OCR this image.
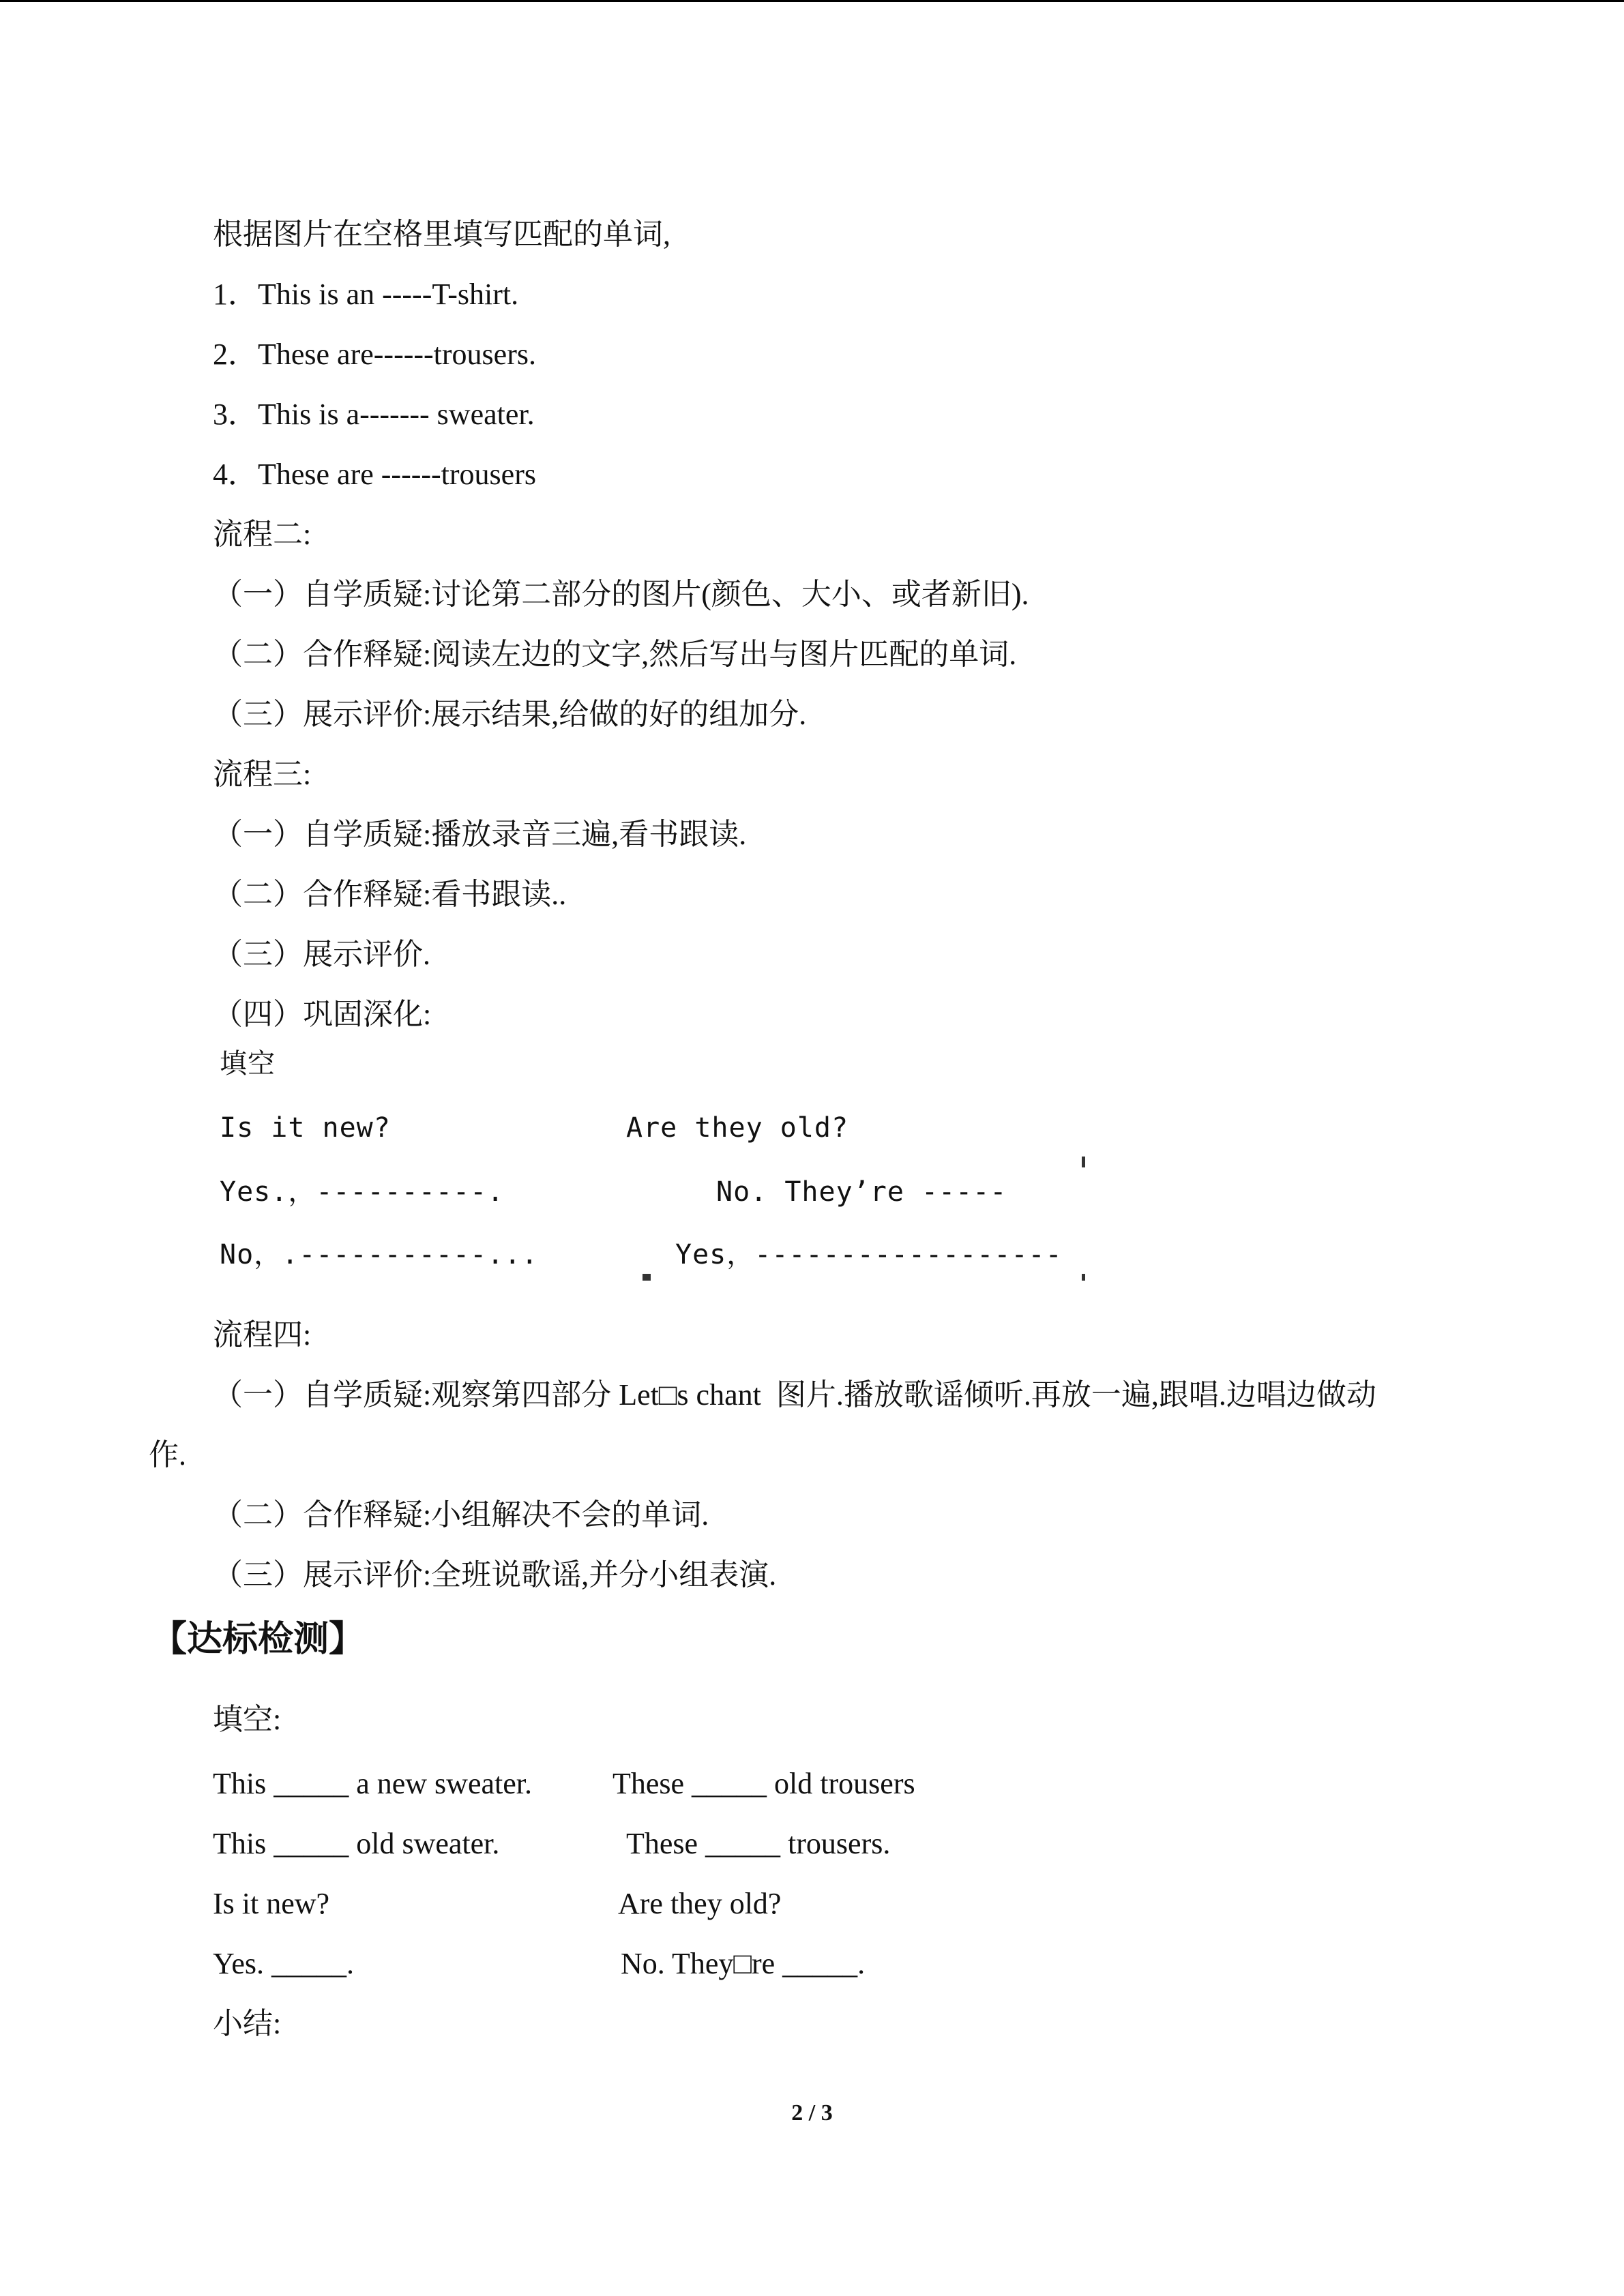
根据图片在空格里填写匹配的单词,
1．This is an -----T-shirt.
2．These are------trousers.
3．This is a------- sweater.
4．These are ------trousers
流程二:
（一）自学质疑:讨论第二部分的图片(颜色、大小、或者新旧).
（二）合作释疑:阅读左边的文字,然后写出与图片匹配的单词.
（三）展示评价:展示结果,给做的好的组加分.
流程三:
（一）自学质疑:播放录音三遍,看书跟读.
（二）合作释疑:看书跟读..
（三）展示评价.
（四）巩固深化:
填空
Is it new?	Are they old?
Yes.，----------.	No. They’re -----
No，.-----------...	Yes，------------------
流程四:
（一）自学质疑:观察第四部分 Let□s chant  图片.播放歌谣倾听.再放一遍,跟唱.边唱边做动
作.
（二）合作释疑:小组解决不会的单词.
（三）展示评价:全班说歌谣,并分小组表演.
【达标检测】
填空:
This _____ a new sweater.	These _____ old trousers
This _____ old sweater.	These _____ trousers.
Is it new?	Are they old?
Yes. _____.	No. They□re _____.
小结:
2 / 3
